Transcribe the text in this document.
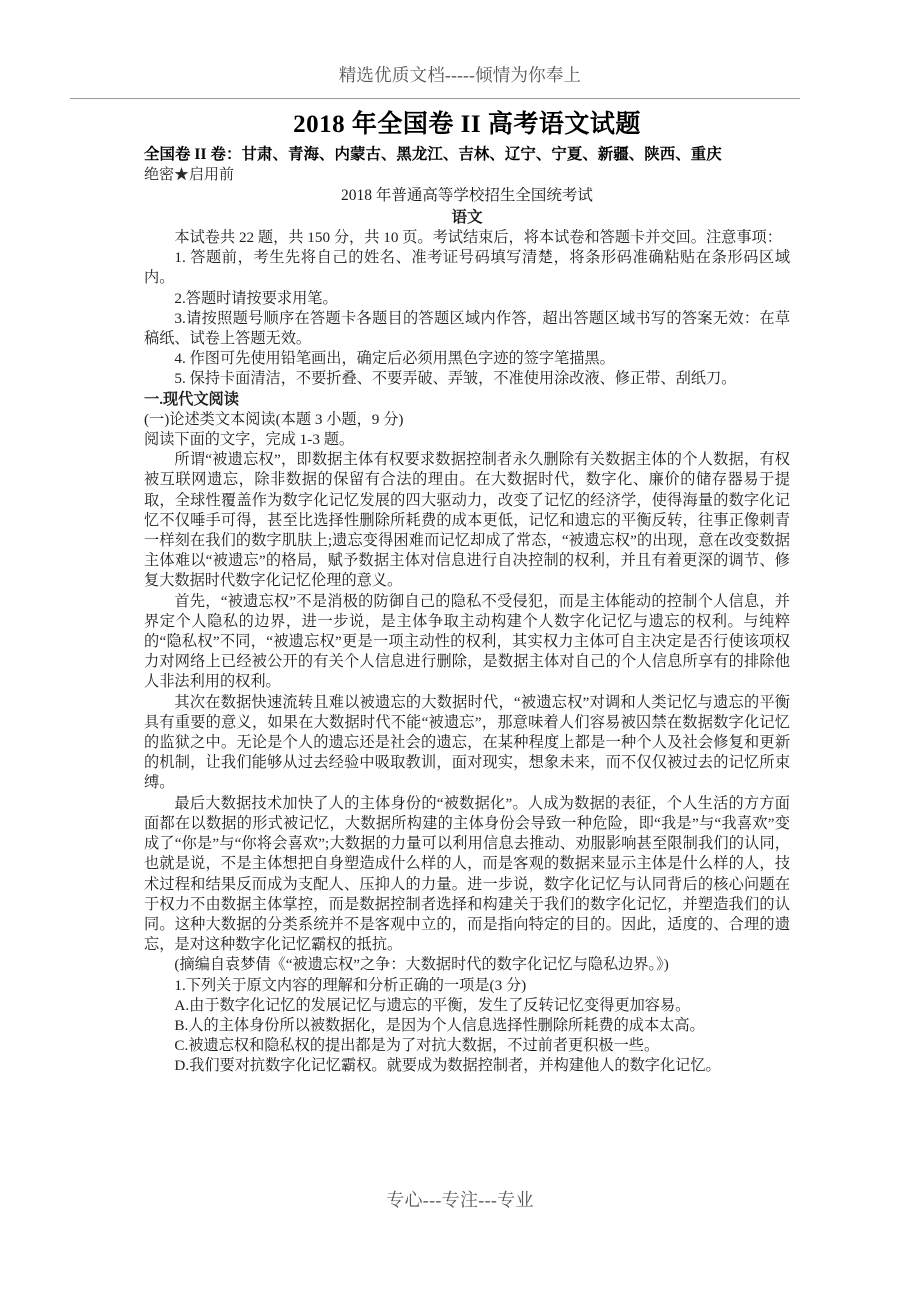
精选优质文档-----倾情为你奉上
2018 年全国卷 II 高考语文试题

全国卷 II 卷：甘肃、青海、内蒙古、黑龙江、吉林、辽宁、宁夏、新疆、陕西、重庆

绝密★启用前

2018 年普通高等学校招生全国统考试

语文

本试卷共 22 题，共 150 分，共 10 页。考试结束后，将本试卷和答题卡并交回。注意事项：

1. 答题前，考生先将自己的姓名、准考证号码填写清楚，将条形码准确粘贴在条形码区域内。

2.答题时请按要求用笔。

3.请按照题号顺序在答题卡各题目的答题区域内作答，超出答题区域书写的答案无效：在草稿纸、试卷上答题无效。

4. 作图可先使用铅笔画出，确定后必须用黑色字迹的签字笔描黑。

5. 保持卡面清洁，不要折叠、不要弄破、弄皱，不准使用涂改液、修正带、刮纸刀。

一.现代文阅读

(一)论述类文本阅读(本题 3 小题，9 分)

阅读下面的文字，完成 1-3 题。

所谓“被遗忘权”，即数据主体有权要求数据控制者永久删除有关数据主体的个人数据，有权被互联网遗忘，除非数据的保留有合法的理由。在大数据时代，数字化、廉价的储存器易于提取，全球性覆盖作为数字化记忆发展的四大驱动力，改变了记忆的经济学，使得海量的数字化记忆不仅唾手可得，甚至比选择性删除所耗费的成本更低，记忆和遗忘的平衡反转，往事正像刺青一样刻在我们的数字肌肤上;遗忘变得困难而记忆却成了常态，“被遗忘权”的出现，意在改变数据主体难以“被遗忘”的格局，赋予数据主体对信息进行自决控制的权利，并且有着更深的调节、修复大数据时代数字化记忆伦理的意义。

首先，“被遗忘权”不是消极的防御自己的隐私不受侵犯，而是主体能动的控制个人信息，并界定个人隐私的边界，进一步说，是主体争取主动构建个人数字化记忆与遗忘的权利。与纯粹的“隐私权”不同，“被遗忘权”更是一项主动性的权利，其实权力主体可自主决定是否行使该项权力对网络上已经被公开的有关个人信息进行删除，是数据主体对自己的个人信息所享有的排除他人非法利用的权利。

其次在数据快速流转且难以被遗忘的大数据时代，“被遗忘权”对调和人类记忆与遗忘的平衡具有重要的意义，如果在大数据时代不能“被遗忘”，那意味着人们容易被囚禁在数据数字化记忆的监狱之中。无论是个人的遗忘还是社会的遗忘，在某种程度上都是一种个人及社会修复和更新的机制，让我们能够从过去经验中吸取教训，面对现实，想象未来，而不仅仅被过去的记忆所束缚。

最后大数据技术加快了人的主体身份的“被数据化”。人成为数据的表征，个人生活的方方面面都在以数据的形式被记忆，大数据所构建的主体身份会导致一种危险，即“我是”与“我喜欢”变成了“你是”与“你将会喜欢”;大数据的力量可以利用信息去推动、劝服影响甚至限制我们的认同，也就是说，不是主体想把自身塑造成什么样的人，而是客观的数据来显示主体是什么样的人，技术过程和结果反而成为支配人、压抑人的力量。进一步说，数字化记忆与认同背后的核心问题在于权力不由数据主体掌控，而是数据控制者选择和构建关于我们的数字化记忆，并塑造我们的认同。这种大数据的分类系统并不是客观中立的，而是指向特定的目的。因此，适度的、合理的遗忘，是对这种数字化记忆霸权的抵抗。

(摘编自袁梦倩《“被遗忘权”之争：大数据时代的数字化记忆与隐私边界。》)

1.下列关于原文内容的理解和分析正确的一项是(3 分)

A.由于数字化记忆的发展记忆与遗忘的平衡，发生了反转记忆变得更加容易。

B.人的主体身份所以被数据化，是因为个人信息选择性删除所耗费的成本太高。

C.被遗忘权和隐私权的提出都是为了对抗大数据，不过前者更积极一些。

D.我们要对抗数字化记忆霸权。就要成为数据控制者，并构建他人的数字化记忆。

专心---专注---专业
